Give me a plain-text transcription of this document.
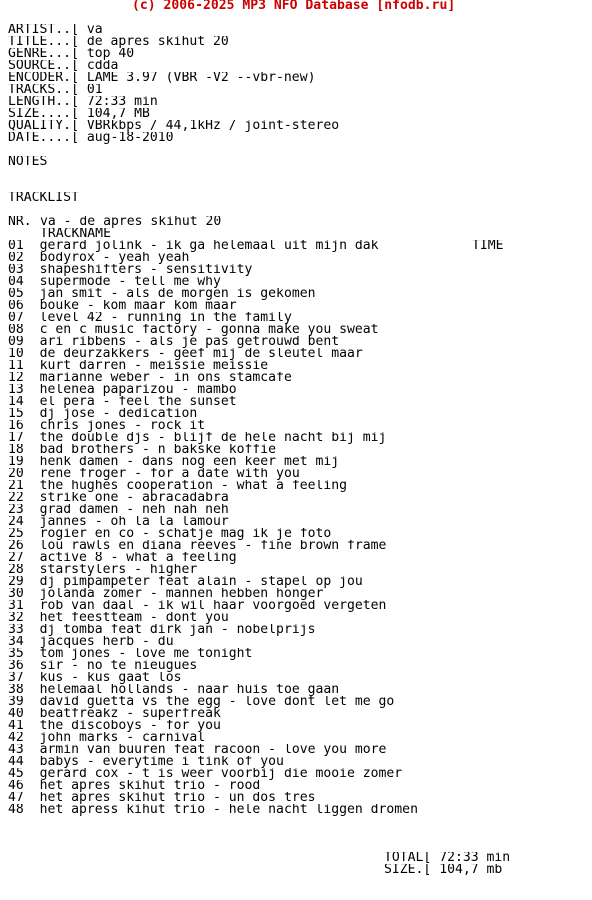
(c) 2006-2025 MP3 NFO Database [nfodb.ru]

ARTIST..[ va
TITLE...[ de apres skihut 20
GENRE...[ top 40
SOURCE..[ cdda
ENCODER.[ LAME 3.97 (VBR -V2 --vbr-new)
TRACKS..[ 01
LENGTH..[ 72:33 min
SIZE....[ 104,7 MB
QUALITY.[ VBRkbps / 44,1kHz / joint-stereo
DATE....[ aug-18-2010

NOTES

TRACKLIST

NR.

TRACKNAME

TIME

va - de apres skihut 20

01 gerard jolink - ik ga helemaal uit mijn dak
02 bodyrox - yeah yeah
03 shapeshifters - sensitivity
04 supermode - tell me why
05 jan smit - als de morgen is gekomen
06 bouke - kom maar kom maar
07 level 42 - running in the family
08 c en c music factory - gonna make you sweat
09 ari ribbens - als je pas getrouwd bent
10 de deurzakkers - geef mij de sleutel maar
11 kurt darren - meissie meissie
12 marianne weber - in ons stamcafe
13 helenea paparizou - mambo
14 el pera - feel the sunset
15 dj jose - dedication
16 chris jones - rock it
17 the double djs - blijf de hele nacht bij mij
18 bad brothers - n bakske koffie
19 henk damen - dans nog een keer met mij
20 rene froger - for a date with you
21 the hughes cooperation - what a feeling
22 strike one - abracadabra
23 grad damen - neh nah neh
24 jannes - oh la la lamour
25 rogier en co - schatje mag ik je foto
26 lou rawls en diana reeves - fine brown frame
27 active 8 - what a feeling
28 starstylers - higher
29 dj pimpampeter feat alain - stapel op jou
30 jolanda zomer - mannen hebben honger
31 rob van daal - ik wil haar voorgoed vergeten
32 het feestteam - dont you
33 dj tomba feat dirk jan - nobelprijs
34 jacques herb - du
35 tom jones - love me tonight
36 sir - no te nieugues
37 kus - kus gaat los
38 helemaal hollands - naar huis toe gaan
39 david guetta vs the egg - love dont let me go
40 beatfreakz - superfreak
41 the discoboys - for you
42 john marks - carnival
43 armin van buuren feat racoon - love you more
44 babys - everytime i tink of you
45 gerard cox - t is weer voorbij die mooie zomer
46 het apres skihut trio - rood
47 het apres skihut trio - un dos tres
48 het apress kihut trio - hele nacht liggen dromen

TOTAL[ 72:33 min
SIZE.[ 104,7 mb
